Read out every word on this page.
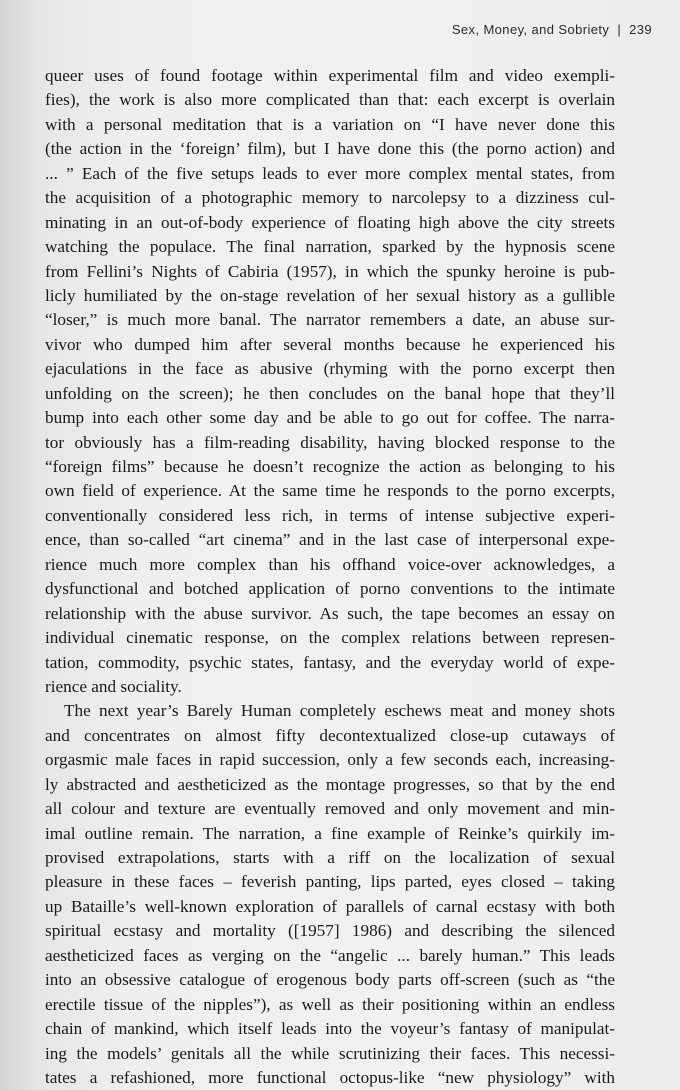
Sex, Money, and Sobriety | 239
queer uses of found footage within experimental film and video exempli-
fies), the work is also more complicated than that: each excerpt is overlain
with a personal meditation that is a variation on “I have never done this
(the action in the ‘foreign’ film), but I have done this (the porno action) and
... ” Each of the five setups leads to ever more complex mental states, from
the acquisition of a photographic memory to narcolepsy to a dizziness cul-
minating in an out-of-body experience of floating high above the city streets
watching the populace. The final narration, sparked by the hypnosis scene
from Fellini’s Nights of Cabiria (1957), in which the spunky heroine is pub-
licly humiliated by the on-stage revelation of her sexual history as a gullible
“loser,” is much more banal. The narrator remembers a date, an abuse sur-
vivor who dumped him after several months because he experienced his
ejaculations in the face as abusive (rhyming with the porno excerpt then
unfolding on the screen); he then concludes on the banal hope that they’ll
bump into each other some day and be able to go out for coffee. The narra-
tor obviously has a film-reading disability, having blocked response to the
“foreign films” because he doesn’t recognize the action as belonging to his
own field of experience. At the same time he responds to the porno excerpts,
conventionally considered less rich, in terms of intense subjective experi-
ence, than so-called “art cinema” and in the last case of interpersonal expe-
rience much more complex than his offhand voice-over acknowledges, a
dysfunctional and botched application of porno conventions to the intimate
relationship with the abuse survivor. As such, the tape becomes an essay on
individual cinematic response, on the complex relations between represen-
tation, commodity, psychic states, fantasy, and the everyday world of expe-
rience and sociality.
The next year’s Barely Human completely eschews meat and money shots
and concentrates on almost fifty decontextualized close-up cutaways of
orgasmic male faces in rapid succession, only a few seconds each, increasing-
ly abstracted and aestheticized as the montage progresses, so that by the end
all colour and texture are eventually removed and only movement and min-
imal outline remain. The narration, a fine example of Reinke’s quirkily im-
provised extrapolations, starts with a riff on the localization of sexual
pleasure in these faces – feverish panting, lips parted, eyes closed – taking
up Bataille’s well-known exploration of parallels of carnal ecstasy with both
spiritual ecstasy and mortality ([1957] 1986) and describing the silenced
aestheticized faces as verging on the “angelic ... barely human.” This leads
into an obsessive catalogue of erogenous body parts off-screen (such as “the
erectile tissue of the nipples”), as well as their positioning within an endless
chain of mankind, which itself leads into the voyeur’s fantasy of manipulat-
ing the models’ genitals all the while scrutinizing their faces. This necessi-
tates a refashioned, more functional octopus-like “new physiology” with
